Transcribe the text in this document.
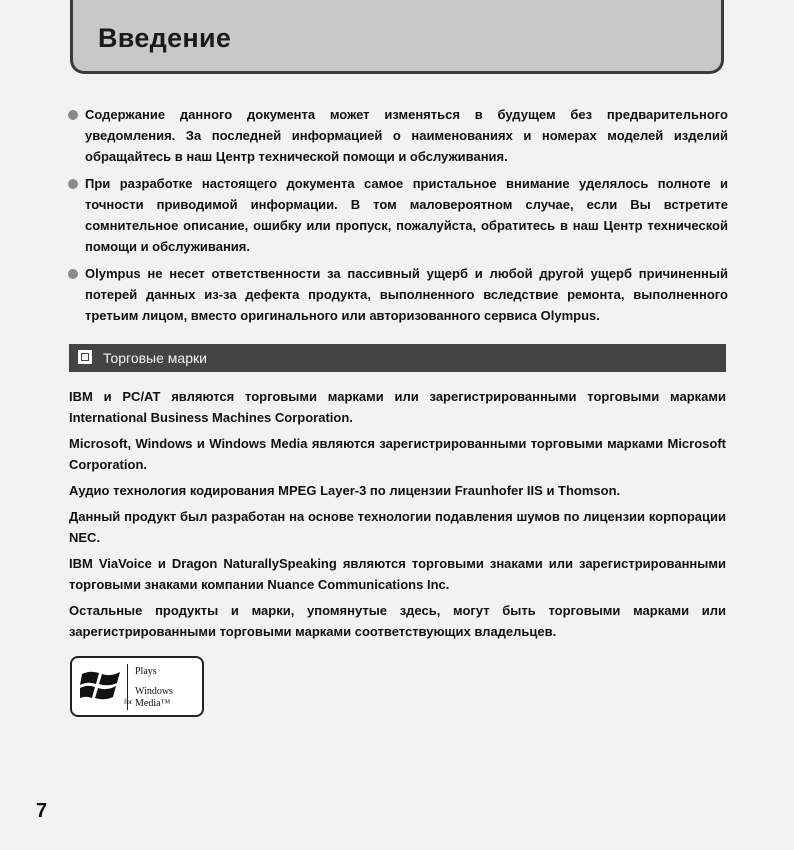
Введение
Содержание данного документа может изменяться в будущем без предварительного уведомления. За последней информацией о наименованиях и номерах моделей изделий обращайтесь в наш Центр технической помощи и обслуживания.
При разработке настоящего документа самое пристальное внимание уделялось полноте и точности приводимой информации. В том маловероятном случае, если Вы встретите сомнительное описание, ошибку или пропуск, пожалуйста, обратитесь в наш Центр технической помощи и обслуживания.
Olympus не несет ответственности за пассивный ущерб и любой другой ущерб причиненный потерей данных из-за дефекта продукта, выполненного вследствие ремонта, выполненного третьим лицом, вместо оригинального или авторизованного сервиса Olympus.
Торговые марки
IBM и PC/AT являются торговыми марками или зарегистрированными торговыми марками International Business Machines Corporation.
Microsoft, Windows и Windows Media являются зарегистрированными торговыми марками Microsoft Corporation.
Аудио технология кодирования MPEG Layer-3 по лицензии Fraunhofer IIS и Thomson.
Данный продукт был разработан на основе технологии подавления шумов по лицензии корпорации NEC.
IBM ViaVoice и Dragon NaturallySpeaking являются торговыми знаками или зарегистрированными торговыми знаками компании Nuance Communications Inc.
Остальные продукты и марки, упомянутые здесь, могут быть торговыми марками или зарегистрированными торговыми марками соответствующих владельцев.
Plays
Windows
Media™
for
7
